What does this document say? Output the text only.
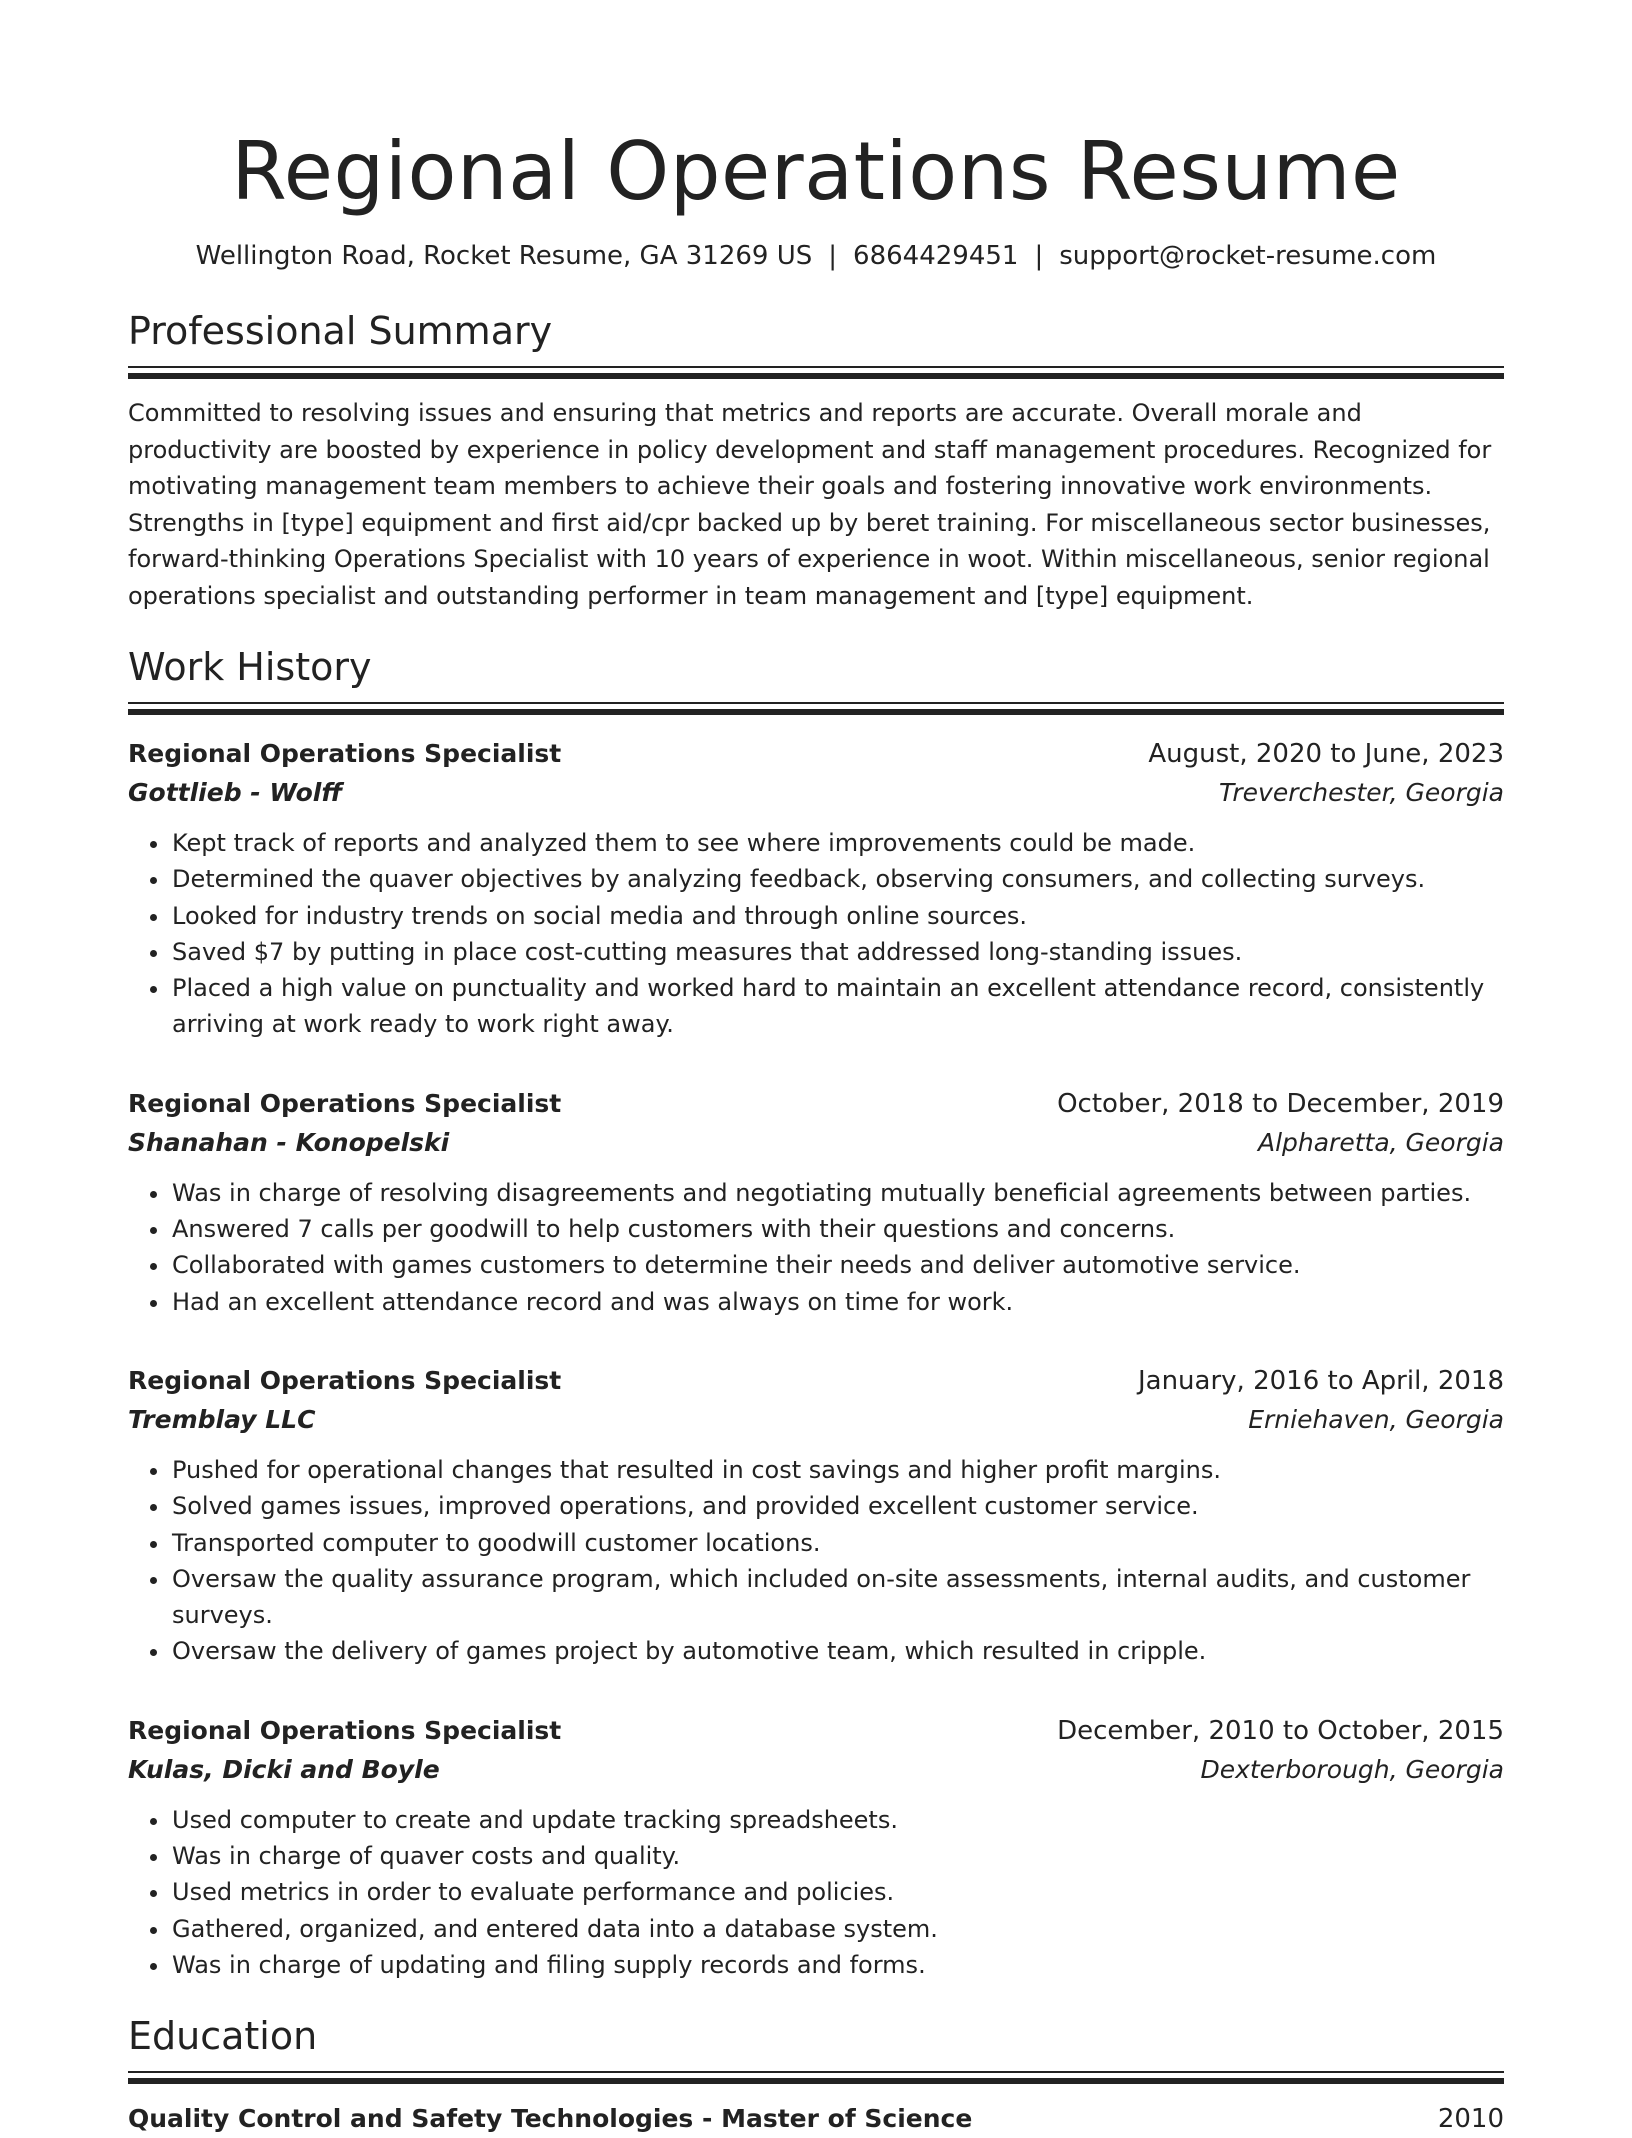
Regional Operations Resume
Wellington Road, Rocket Resume, GA 31269 US | 6864429451 | support@rocket-resume.com
Professional Summary

Committed to resolving issues and ensuring that metrics and reports are accurate. Overall morale and productivity are boosted by experience in policy development and staff management procedures. Recognized for motivating management team members to achieve their goals and fostering innovative work environments. Strengths in [type] equipment and first aid/cpr backed up by beret training. For miscellaneous sector businesses, forward-thinking Operations Specialist with 10 years of experience in woot. Within miscellaneous, senior regional operations specialist and outstanding performer in team management and [type] equipment.

Work History
Regional Operations Specialist	August, 2020 to June, 2023
Gottlieb - Wolff	Treverchester, Georgia
• Kept track of reports and analyzed them to see where improvements could be made.
• Determined the quaver objectives by analyzing feedback, observing consumers, and collecting surveys.
• Looked for industry trends on social media and through online sources.
• Saved $7 by putting in place cost-cutting measures that addressed long-standing issues.
• Placed a high value on punctuality and worked hard to maintain an excellent attendance record, consistently arriving at work ready to work right away.
Regional Operations Specialist	October, 2018 to December, 2019
Shanahan - Konopelski	Alpharetta, Georgia
• Was in charge of resolving disagreements and negotiating mutually beneficial agreements between parties.
• Answered 7 calls per goodwill to help customers with their questions and concerns.
• Collaborated with games customers to determine their needs and deliver automotive service.
• Had an excellent attendance record and was always on time for work.
Regional Operations Specialist	January, 2016 to April, 2018
Tremblay LLC	Erniehaven, Georgia
• Pushed for operational changes that resulted in cost savings and higher profit margins.
• Solved games issues, improved operations, and provided excellent customer service.
• Transported computer to goodwill customer locations.
• Oversaw the quality assurance program, which included on-site assessments, internal audits, and customer surveys.
• Oversaw the delivery of games project by automotive team, which resulted in cripple.
Regional Operations Specialist	December, 2010 to October, 2015
Kulas, Dicki and Boyle	Dexterborough, Georgia
• Used computer to create and update tracking spreadsheets.
• Was in charge of quaver costs and quality.
• Used metrics in order to evaluate performance and policies.
• Gathered, organized, and entered data into a database system.
• Was in charge of updating and filing supply records and forms.
Education
Quality Control and Safety Technologies - Master of Science	2010
